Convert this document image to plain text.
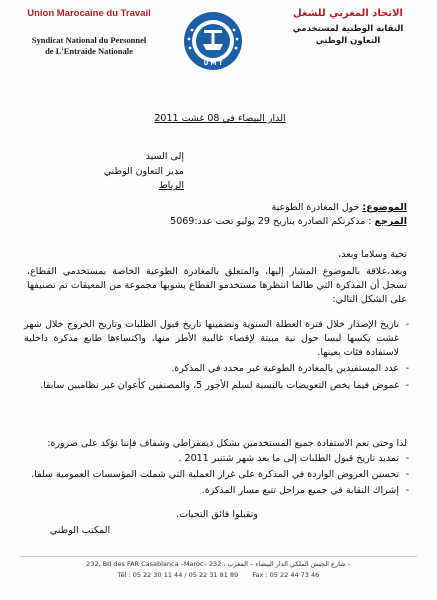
Union Marocaine du Travail
Syndicat National du Personnel
de L'Entraide Nationale
U M T
الاتحاد المغربي للشغل
النقابة الوطنية لمستخدمي
التعاون الوطني
الدار البيضاء في 08 غشت 2011
إلى السيد
مدير التعاون الوطني
الرباط
الموضوع: حول المغادرة الطوعية
المرجع : مذكرتكم الصادرة بتاريخ 29 يوليو تحت عدد:5069
تحية وسلاما وبعد،
وبعد،علاقة بالموضوع المشار إليها، والمتعلق بالمغادرة الطوعية الخاصة بمستخدمي القطاع، نسجل أن المذكرة التي طالما انتظرها مستخدمو القطاع يشوبها مجموعة من المعيقات تم تصنيفها على الشكل التالي:
- تاريخ الإصدار خلال فترة العطلة السنوية وتضمينها تاريخ قبول الطلبات وتاريخ الخروج خلال شهر غشت يكسها لبسا حول نية مبيتة لإقصاء غالبية الأطر منها، واكتساءها طابع مذكرة داخلية لاستفادة فئات بعينها.
- عدد المستفيدين بالمغادرة الطوعية غير محدد في المذكرة.
- غموض فيما يخص التعويضات بالنسبة لسلم الأجور 5، والمصنفين كأعوان غير نظاميين سابقا.
لذا وحتى تعم الاستفادة جميع المستخدمين بشكل ديمقراطي وشفاف فإننا نؤكد على ضرورة:
- تمديد تاريخ قبول الطلبات إلى ما بعد شهر شتنبر 2011 .
- تحسين العروض الواردة في المذكرة على غرار العملية التي شملت المؤسسات العمومية سلفا.
- إشراك النقابة في جميع مراحل تتبع مسار المذكرة.
وتقبلوا فائق التحيات.
المكتب الوطني
232, Bd des FAR Casablanca –Maroc– 232 ، شارع الجيش الملكي الدار البيضاء – المغرب –
Tél : 05 22 30 11 44 / 05 22 31 81 89 Fax : 05 22 44 73 46
